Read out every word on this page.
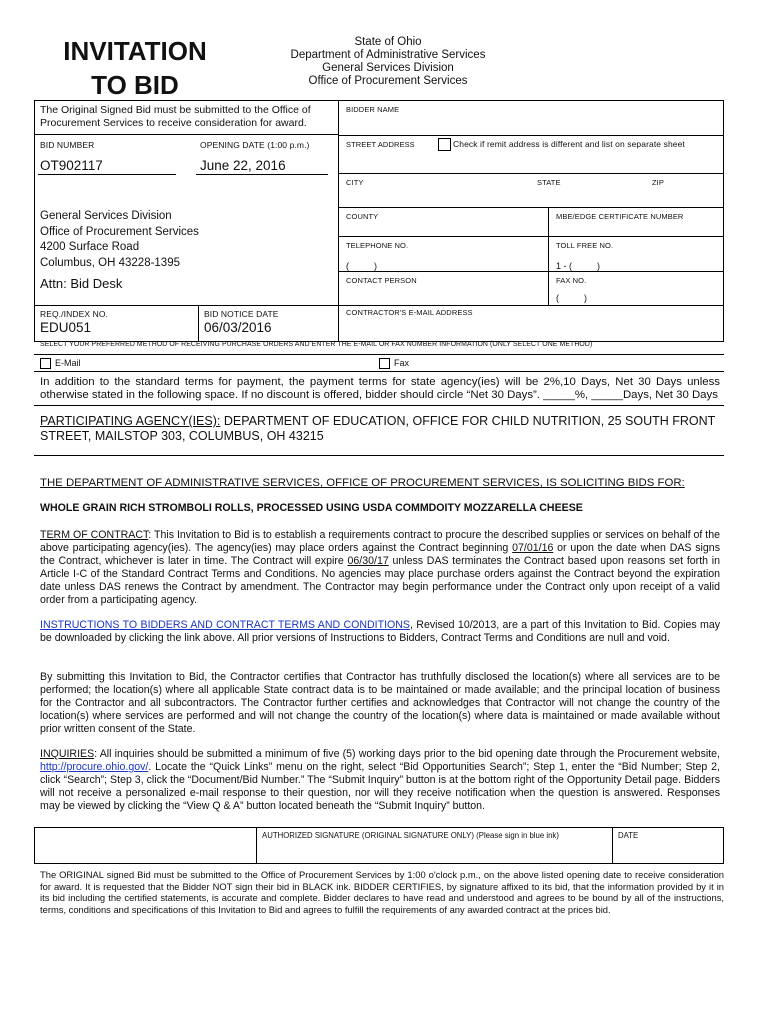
INVITATION
TO BID
State of Ohio
Department of Administrative Services
General Services Division
Office of Procurement Services
The Original Signed Bid must be submitted to the Office of Procurement Services to receive consideration for award.
BID NUMBER	OPENING DATE (1:00 p.m.)
OT902117	June 22, 2016
General Services Division
Office of Procurement Services
4200 Surface Road
Columbus, OH 43228-1395
Attn: Bid Desk
REQ./INDEX NO.
EDU051
BID NOTICE DATE
06/03/2016
BIDDER NAME
STREET ADDRESS	Check if remit address is different and list on separate sheet
CITY	STATE	ZIP
COUNTY	MBE/EDGE CERTIFICATE NUMBER
TELEPHONE NO.
(          )
TOLL FREE NO.
1 - (          )
CONTACT PERSON	FAX NO.
(          )
CONTRACTOR'S E-MAIL ADDRESS
SELECT YOUR PREFERRED METHOD OF RECEIVING PURCHASE ORDERS AND ENTER THE E-MAIL OR FAX NUMBER INFORMATION (ONLY SELECT ONE METHOD)
E-Mail	Fax
In addition to the standard terms for payment, the payment terms for state agency(ies) will be 2%,10 Days, Net 30 Days unless otherwise stated in the following space. If no discount is offered, bidder should circle “Net 30 Days”. _____%, _____Days, Net 30 Days
PARTICIPATING AGENCY(IES): DEPARTMENT OF EDUCATION, OFFICE FOR CHILD NUTRITION, 25 SOUTH FRONT STREET, MAILSTOP 303, COLUMBUS, OH 43215
THE DEPARTMENT OF ADMINISTRATIVE SERVICES, OFFICE OF PROCUREMENT SERVICES, IS SOLICITING BIDS FOR:
WHOLE GRAIN RICH STROMBOLI ROLLS, PROCESSED USING USDA COMMDOITY MOZZARELLA CHEESE
TERM OF CONTRACT: This Invitation to Bid is to establish a requirements contract to procure the described supplies or services on behalf of the above participating agency(ies). The agency(ies) may place orders against the Contract beginning 07/01/16 or upon the date when DAS signs the Contract, whichever is later in time. The Contract will expire 06/30/17 unless DAS terminates the Contract based upon reasons set forth in Article I-C of the Standard Contract Terms and Conditions. No agencies may place purchase orders against the Contract beyond the expiration date unless DAS renews the Contract by amendment. The Contractor may begin performance under the Contract only upon receipt of a valid order from a participating agency.
INSTRUCTIONS TO BIDDERS AND CONTRACT TERMS AND CONDITIONS, Revised 10/2013, are a part of this Invitation to Bid. Copies may be downloaded by clicking the link above. All prior versions of Instructions to Bidders, Contract Terms and Conditions are null and void.
By submitting this Invitation to Bid, the Contractor certifies that Contractor has truthfully disclosed the location(s) where all services are to be performed; the location(s) where all applicable State contract data is to be maintained or made available; and the principal location of business for the Contractor and all subcontractors. The Contractor further certifies and acknowledges that Contractor will not change the country of the location(s) where services are performed and will not change the country of the location(s) where data is maintained or made available without prior written consent of the State.
INQUIRIES: All inquiries should be submitted a minimum of five (5) working days prior to the bid opening date through the Procurement website, http://procure.ohio.gov/. Locate the “Quick Links” menu on the right, select “Bid Opportunities Search”; Step 1, enter the “Bid Number; Step 2, click “Search”; Step 3, click the “Document/Bid Number.” The “Submit Inquiry” button is at the bottom right of the Opportunity Detail page. Bidders will not receive a personalized e-mail response to their question, nor will they receive notification when the question is answered. Responses may be viewed by clicking the “View Q & A” button located beneath the “Submit Inquiry” button.
AUTHORIZED SIGNATURE (ORIGINAL SIGNATURE ONLY) (Please sign in blue ink)	DATE
The ORIGINAL signed Bid must be submitted to the Office of Procurement Services by 1:00 o'clock p.m., on the above listed opening date to receive consideration for award. It is requested that the Bidder NOT sign their bid in BLACK ink. BIDDER CERTIFIES, by signature affixed to its bid, that the information provided by it in its bid including the certified statements, is accurate and complete. Bidder declares to have read and understood and agrees to be bound by all of the instructions, terms, conditions and specifications of this Invitation to Bid and agrees to fulfill the requirements of any awarded contract at the prices bid.
